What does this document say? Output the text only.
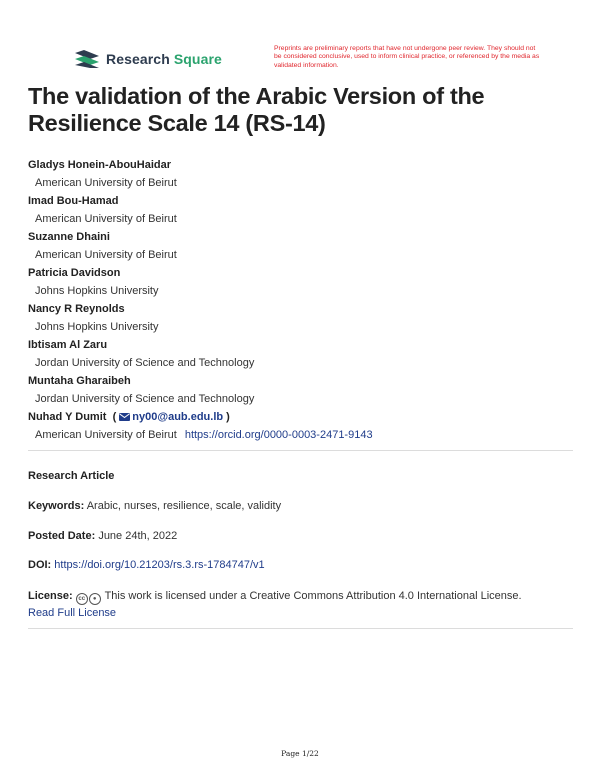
Research Square
Preprints are preliminary reports that have not undergone peer review. They should not be considered conclusive, used to inform clinical practice, or referenced by the media as validated information.
The validation of the Arabic Version of the Resilience Scale 14 (RS-14)
Gladys Honein-AbouHaidar
American University of Beirut
Imad Bou-Hamad
American University of Beirut
Suzanne Dhaini
American University of Beirut
Patricia Davidson
Johns Hopkins University
Nancy R Reynolds
Johns Hopkins University
Ibtisam Al Zaru
Jordan University of Science and Technology
Muntaha Gharaibeh
Jordan University of Science and Technology
Nuhad Y Dumit ( ny00@aub.edu.lb )
American University of Beirut https://orcid.org/0000-0003-2471-9143
Research Article
Keywords: Arabic, nurses, resilience, scale, validity
Posted Date: June 24th, 2022
DOI: https://doi.org/10.21203/rs.3.rs-1784747/v1
License: cc ● This work is licensed under a Creative Commons Attribution 4.0 International License.
Read Full License
Page 1/22
